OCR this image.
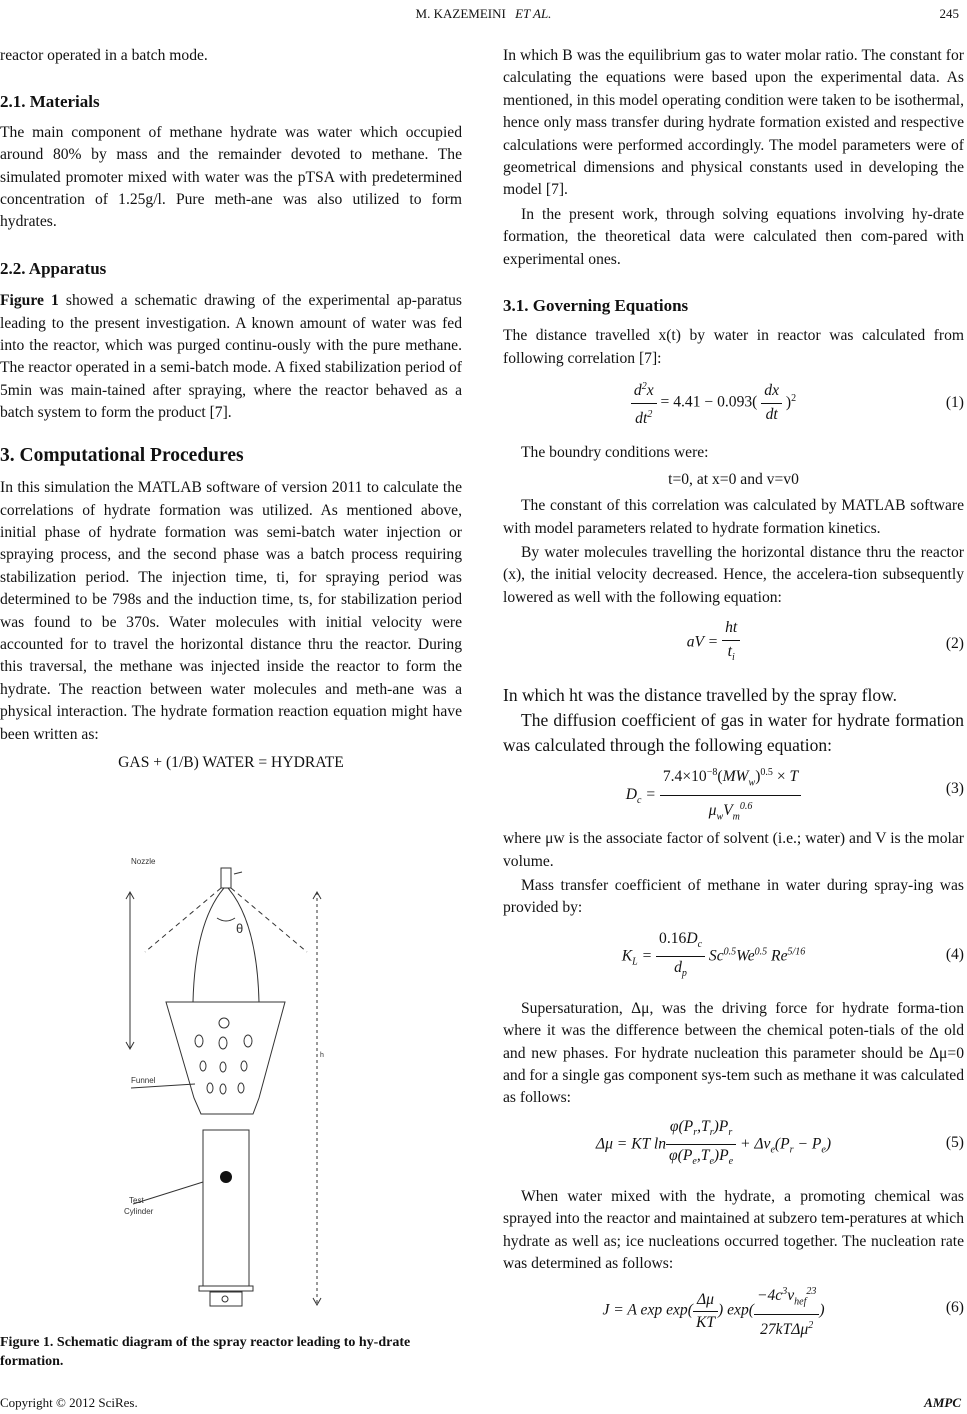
M. KAZEMEINI ET AL.	245

reactor operated in a batch mode.

2.1. Materials

The main component of methane hydrate was water which occupied around 80% by mass and the remainder devoted to methane. The simulated promoter mixed with water was the pTSA with predetermined concentration of 1.25g/l. Pure meth-ane was also utilized to form hydrates.

2.2. Apparatus

Figure 1 showed a schematic drawing of the experimental ap-paratus leading to the present investigation. A known amount of water was fed into the reactor, which was purged continu-ously with the pure methane. The reactor operated in a semi-batch mode. A fixed stabilization period of 5min was main-tained after spraying, where the reactor behaved as a batch system to form the product [7].

3. Computational Procedures

In this simulation the MATLAB software of version 2011 to calculate the correlations of hydrate formation was utilized. As mentioned above, initial phase of hydrate formation was semi-batch water injection or spraying process, and the second phase was a batch process requiring stabilization period. The injection time, ti, for spraying period was determined to be 798s and the induction time, ts, for stabilization period was found to be 370s. Water molecules with initial velocity were accounted for to travel the horizontal distance thru the reactor. During this traversal, the methane was injected inside the reactor to form the hydrate. The reaction between water molecules and meth-ane was a physical interaction. The hydrate formation reaction equation might have been written as:

GAS + (1/B) WATER = HYDRATE

Nozzle
θ
Funnel
Test
Cylinder
h
Figure 1. Schematic diagram of the spray reactor leading to hy-drate formation.

In which B was the equilibrium gas to water molar ratio. The constant for calculating the equations were based upon the experimental data. As mentioned, in this model operating condition were taken to be isothermal, hence only mass transfer during hydrate formation existed and respective calculations were performed accordingly. The model parameters were of geometrical dimensions and physical constants used in developing the model [7].

In the present work, through solving equations involving hy-drate formation, the theoretical data were calculated then com-pared with experimental ones.

3.1. Governing Equations

The distance travelled x(t) by water in reactor was calculated from following correlation [7]:

$\frac{d^2x}{dt^2} = 4.41 - 0.093( \frac{dx}{dt} )^2$	(1)

The boundry conditions were:

t=0, at x=0 and v=v0

The constant of this correlation was calculated by MATLAB software with model parameters related to hydrate formation kinetics.

By water molecules travelling the horizontal distance thru the reactor (x), the initial velocity decreased. Hence, the accelera-tion subsequently lowered as well with the following equation:

aV = $\frac{ht}{t_i}$	(2)

In which ht was the distance travelled by the spray flow.

The diffusion coefficient of gas in water for hydrate formation was calculated through the following equation:

$D_c = \frac{7.4\times 10^{-8}(MW_w)^{0.5} \times T}{\mu_wV_m^{0.6}}$	(3)

where μw is the associate factor of solvent (i.e.; water) and V is the molar volume.

Mass transfer coefficient of methane in water during spray-ing was provided by:

$K_L = \frac{0.16D_c}{d_p} Sc^{0.5}We^{0.5}$ $Re^{5/16}$	(4)

Supersaturation, Δμ, was the driving force for hydrate forma-tion where it was the difference between the chemical poten-tials of the old and new phases. For hydrate nucleation this parameter should be Δμ=0 and for a single gas component sys-tem such as methane it was calculated as follows:

Δμ = KT $\ln \frac{\varphi(P_r,T_r)P_r}{\varphi(P_e,T_e)P_e} + \Delta v_e(P_r - P_e)$	(5)

When water mixed with the hydrate, a promoting chemical was sprayed into the reactor and maintained at subzero tem-peratures at which hydrate as well as; ice nucleations occurred together. The nucleation rate was determined as follows:

J = A $\exp \exp( \frac{\Delta\mu}{KT}$ ) $\exp( \frac{-4c^3v_{hef}^{23}}{27kT\Delta\mu^2}$ )	(6)
Copyright © 2012 SciRes.	AMPC
